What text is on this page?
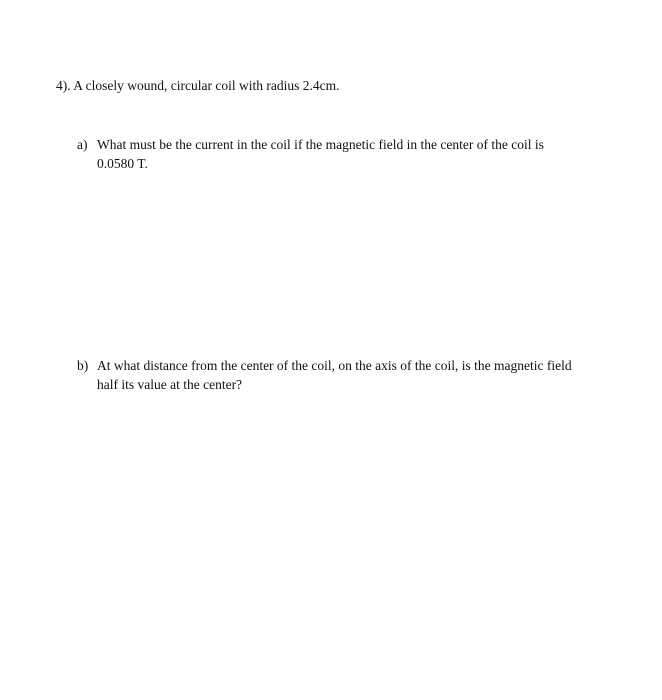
4). A closely wound, circular coil with radius 2.4cm.

a) What must be the current in the coil if the magnetic field in the center of the coil is
0.0580 T.
b) At what distance from the center of the coil, on the axis of the coil, is the magnetic field
half its value at the center?
